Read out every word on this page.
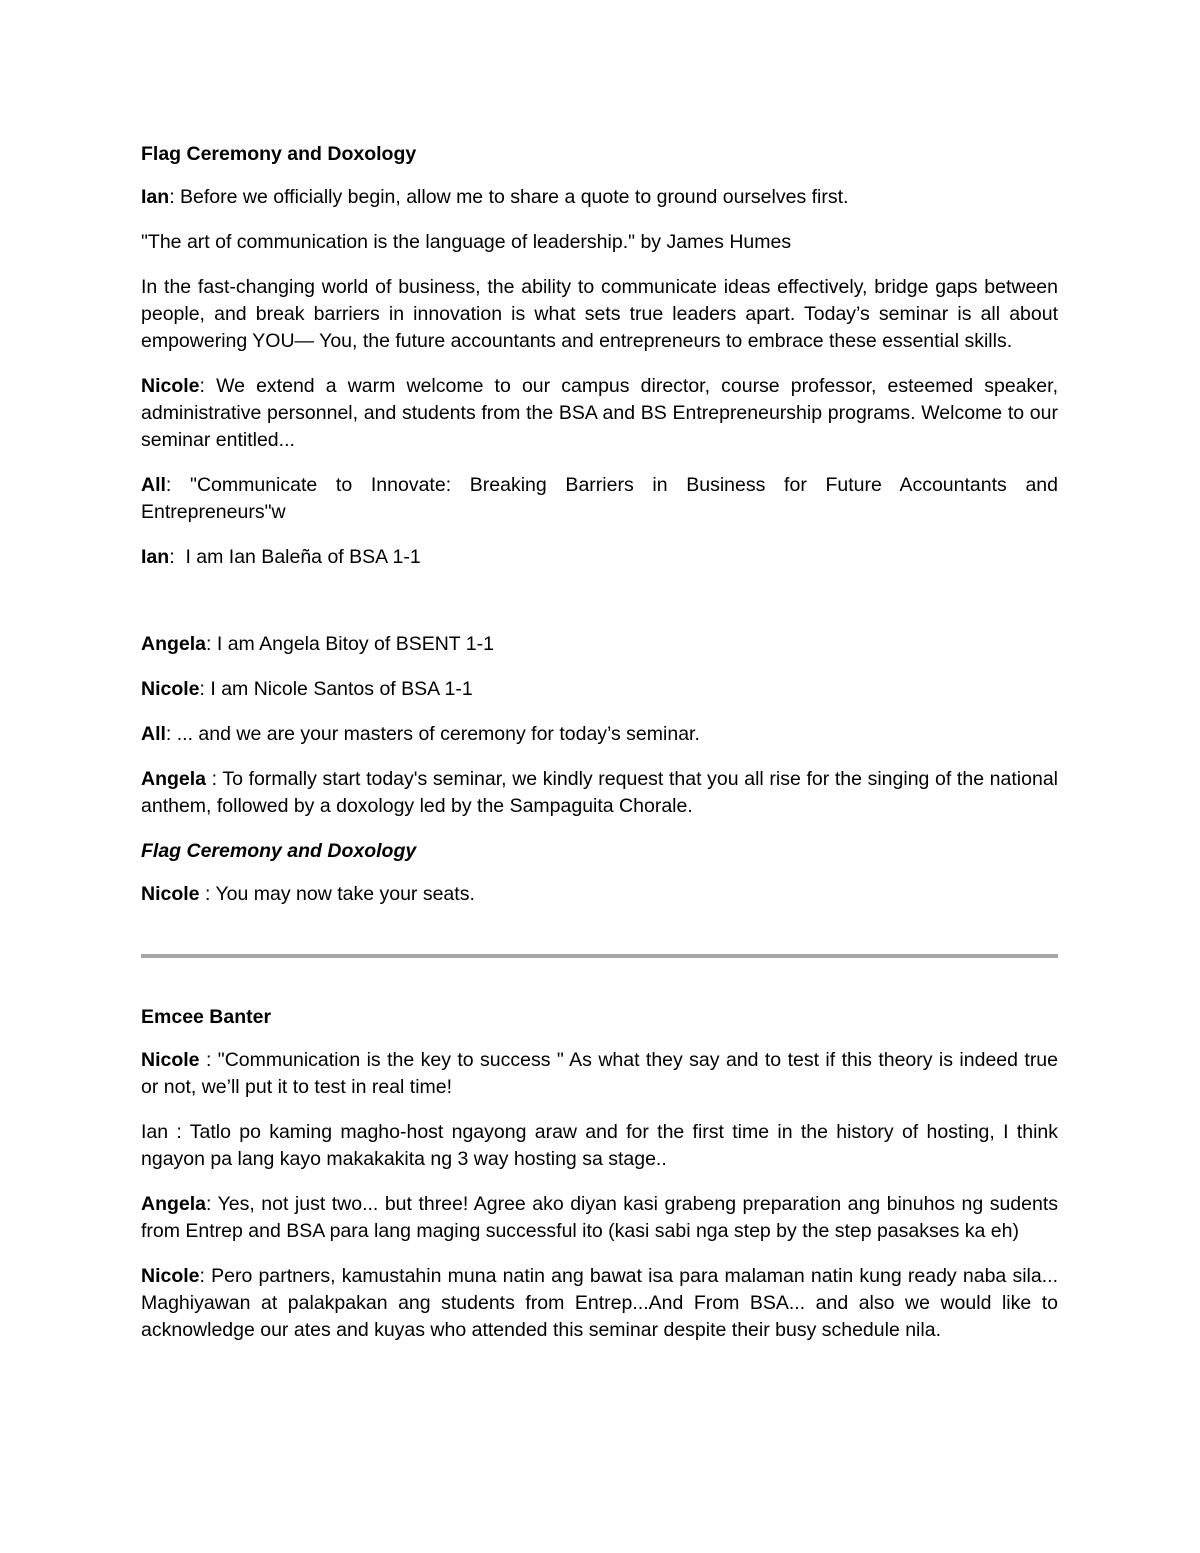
Flag Ceremony and Doxology

Ian: Before we officially begin, allow me to share a quote to ground ourselves first.

"The art of communication is the language of leadership." by James Humes

In the fast-changing world of business, the ability to communicate ideas effectively, bridge gaps between people, and break barriers in innovation is what sets true leaders apart. Today’s seminar is all about empowering YOU— You, the future accountants and entrepreneurs to embrace these essential skills.

Nicole: We extend a warm welcome to our campus director, course professor, esteemed speaker, administrative personnel, and students from the BSA and BS Entrepreneurship programs. Welcome to our seminar entitled...

All: "Communicate to Innovate: Breaking Barriers in Business for Future Accountants and Entrepreneurs"w

Ian:  I am Ian Baleña of BSA 1-1

Angela: I am Angela Bitoy of BSENT 1-1

Nicole: I am Nicole Santos of BSA 1-1

All: ... and we are your masters of ceremony for today’s seminar.

Angela : To formally start today's seminar, we kindly request that you all rise for the singing of the national anthem, followed by a doxology led by the Sampaguita Chorale.

Flag Ceremony and Doxology

Nicole : You may now take your seats.

Emcee Banter

Nicole : "Communication is the key to success " As what they say and to test if this theory is indeed true or not, we’ll put it to test in real time!

Ian : Tatlo po kaming magho-host ngayong araw and for the first time in the history of hosting, I think ngayon pa lang kayo makakakita ng 3 way hosting sa stage..

Angela: Yes, not just two... but three! Agree ako diyan kasi grabeng preparation ang binuhos ng sudents from Entrep and BSA para lang maging successful ito (kasi sabi nga step by the step pasakses ka eh)

Nicole: Pero partners, kamustahin muna natin ang bawat isa para malaman natin kung ready naba sila... Maghiyawan at palakpakan ang students from Entrep...And From BSA... and also we would like to acknowledge our ates and kuyas who attended this seminar despite their busy schedule nila.
